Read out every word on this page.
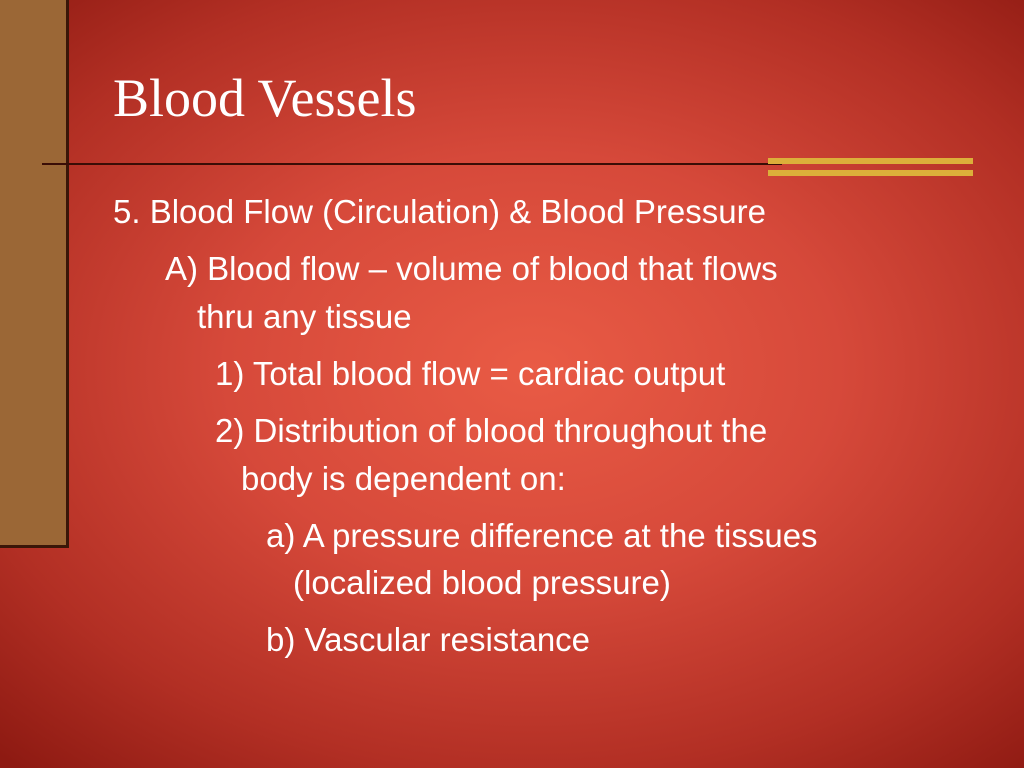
Blood Vessels

5. Blood Flow (Circulation) & Blood Pressure

A) Blood flow – volume of blood that flows

thru any tissue

1) Total blood flow = cardiac output

2) Distribution of blood throughout the

body is dependent on:

a) A pressure difference at the tissues

(localized blood pressure)

b) Vascular resistance
